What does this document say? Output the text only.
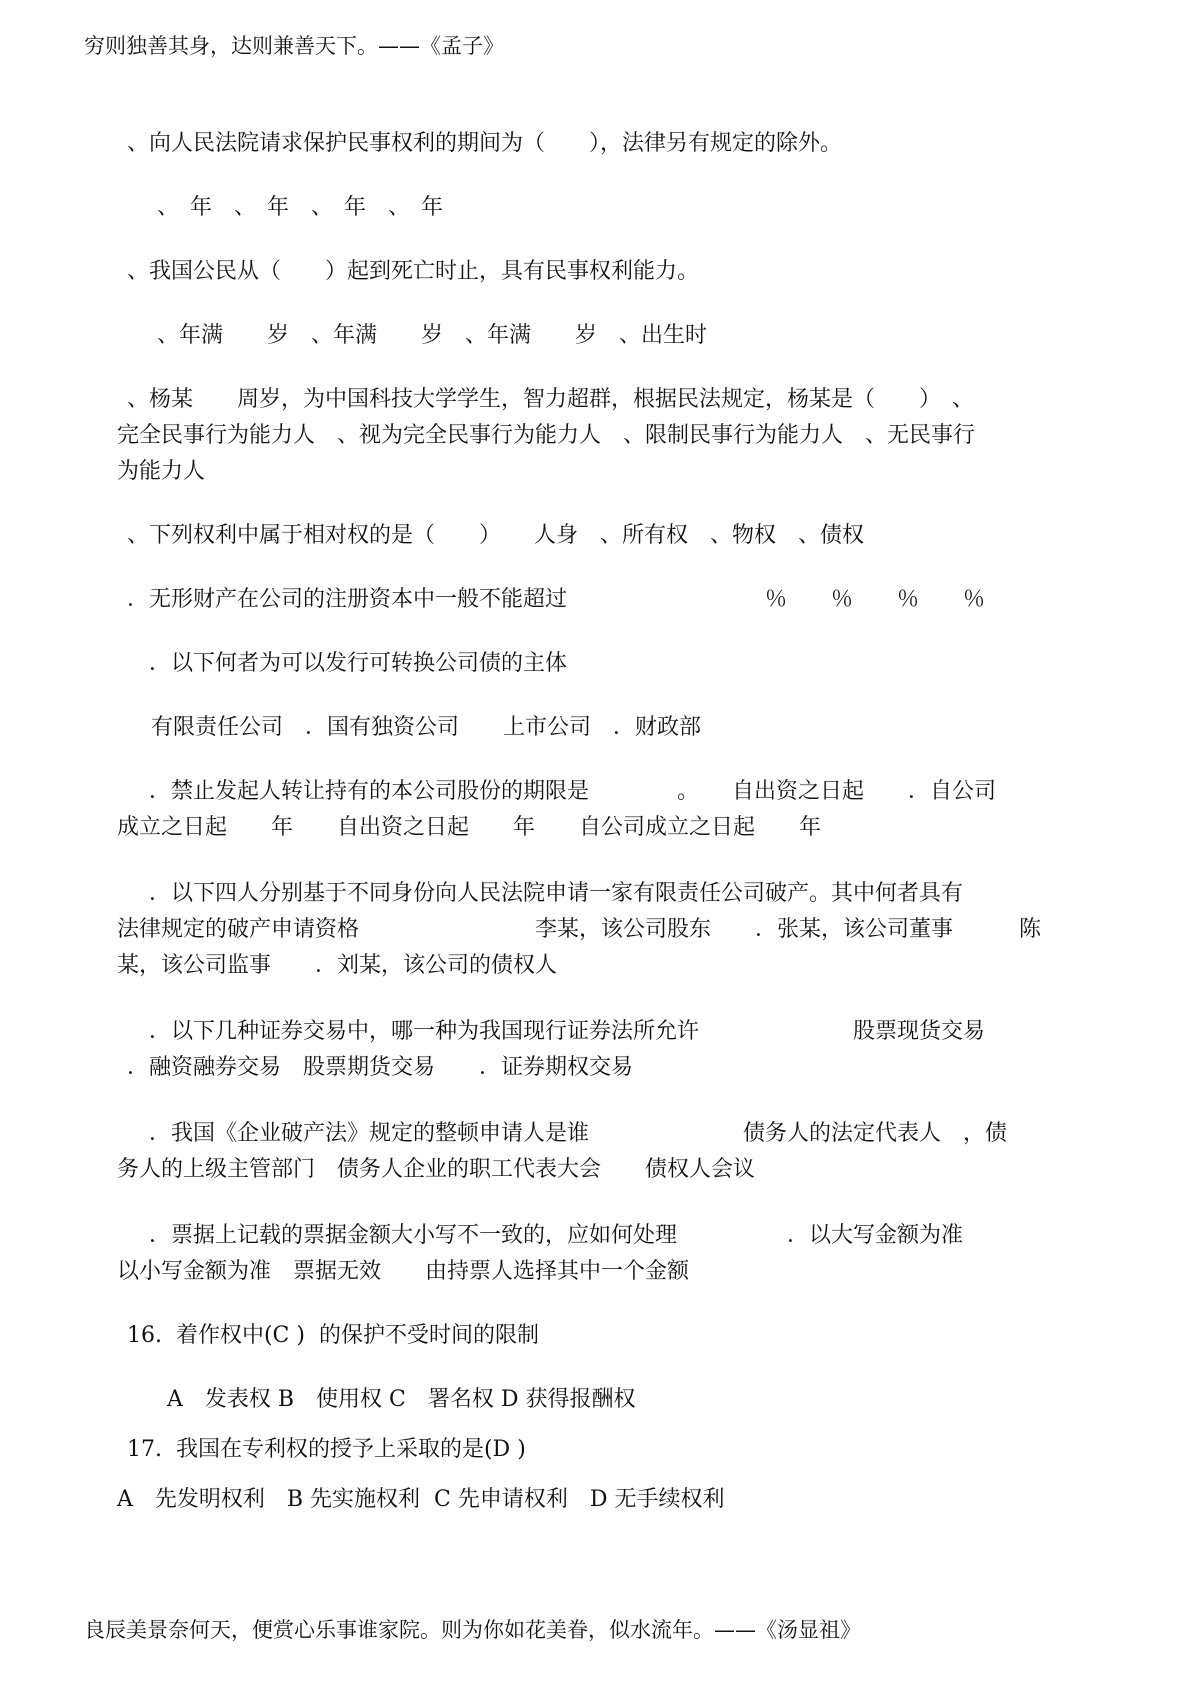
穷则独善其身，达则兼善天下。——《孟子》

、向人民法院请求保护民事权利的期间为（　　），法律另有规定的除外。

　、　年　、　年　、　年　、　年

、我国公民从（　　）起到死亡时止，具有民事权利能力。

　、年满　　岁　、年满　　岁　、年满　　岁　、出生时

、杨某　　周岁，为中国科技大学学生，智力超群，根据民法规定，杨某是（　　）　、

完全民事行为能力人　、视为完全民事行为能力人　、限制民事行为能力人　、无民事行

为能力人

、下列权利中属于相对权的是（　　）　　人身　、所有权　、物权　、债权

．无形财产在公司的注册资本中一般不能超过　　　　　　　　　％　　％　　％　　％

　．以下何者为可以发行可转换公司债的主体

有限责任公司　．国有独资公司　　上市公司　．财政部

　．禁止发起人转让持有的本公司股份的期限是　　　　。　　自出资之日起　　．自公司

成立之日起　　年　　自出资之日起　　年　　自公司成立之日起　　年

　．以下四人分别基于不同身份向人民法院申请一家有限责任公司破产。其中何者具有

法律规定的破产申请资格　　　　　　　　李某，该公司股东　　．张某，该公司董事　　　陈

某，该公司监事　　．刘某，该公司的债权人

　．以下几种证券交易中，哪一种为我国现行证券法所允许　　　　　　　股票现货交易

．融资融券交易　股票期货交易　　．证券期权交易

　．我国《企业破产法》规定的整顿申请人是谁　　　　　　　债务人的法定代表人　，债

务人的上级主管部门　债务人企业的职工代表大会　　债权人会议

　．票据上记载的票据金额大小写不一致的，应如何处理　　　　　．以大写金额为准

以小写金额为准　票据无效　　由持票人选择其中一个金额

16.  着作权中(C )  的保护不受时间的限制

A　发表权 B　使用权 C　署名权 D 获得报酬权

17.  我国在专利权的授予上采取的是(D )

A　先发明权利　B 先实施权利  C 先申请权利　D 无手续权利

良辰美景奈何天，便赏心乐事谁家院。则为你如花美眷，似水流年。——《汤显祖》
